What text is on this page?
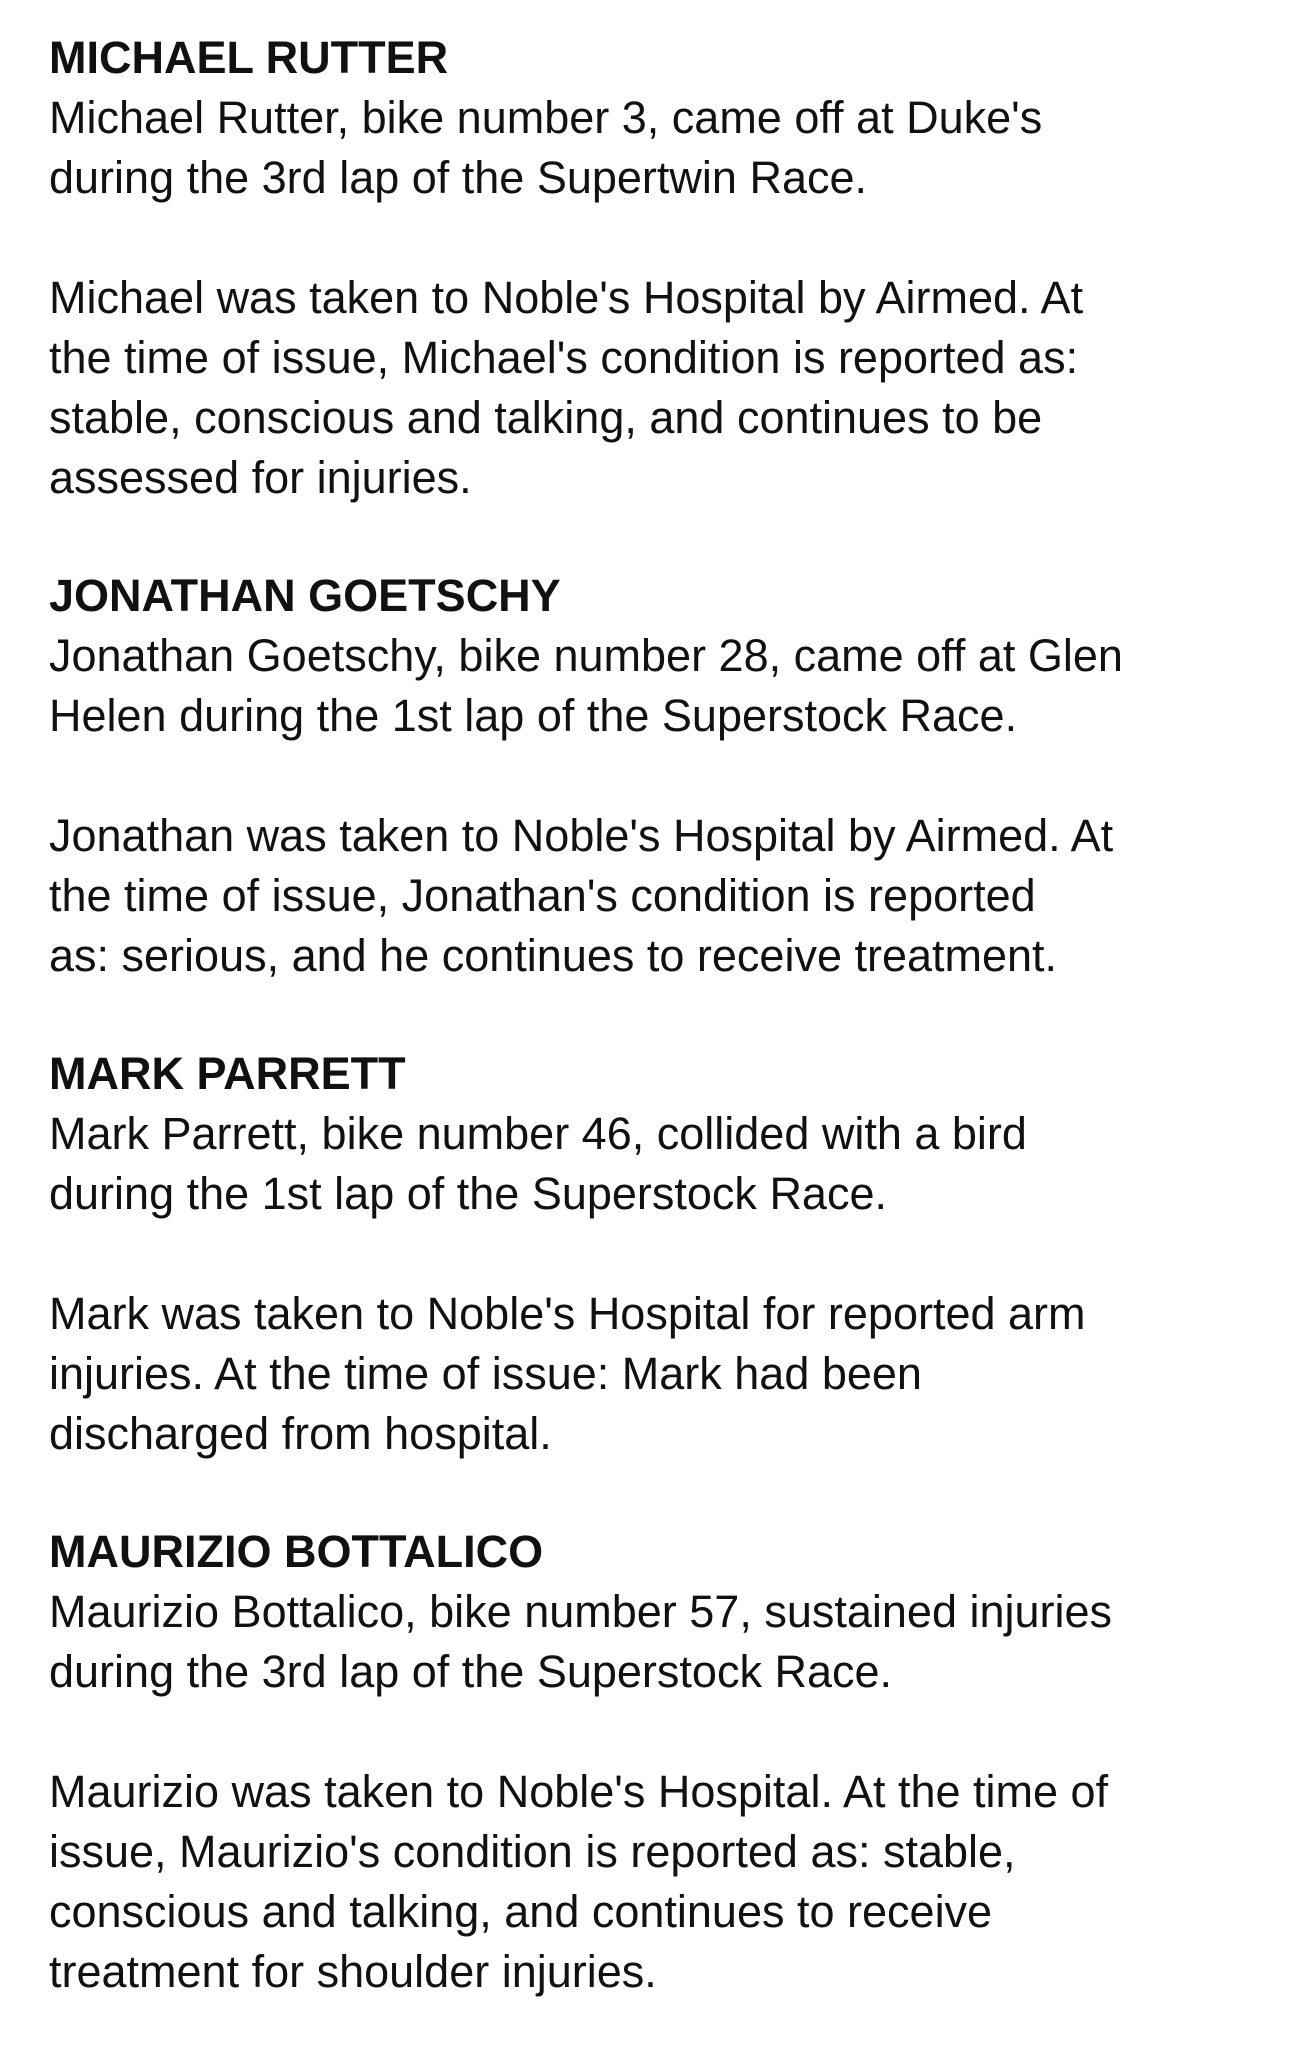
MICHAEL RUTTER

Michael Rutter, bike number 3, came off at Duke's
during the 3rd lap of the Supertwin Race.

Michael was taken to Noble's Hospital by Airmed. At
the time of issue, Michael's condition is reported as:
stable, conscious and talking, and continues to be
assessed for injuries.

JONATHAN GOETSCHY

Jonathan Goetschy, bike number 28, came off at Glen
Helen during the 1st lap of the Superstock Race.

Jonathan was taken to Noble's Hospital by Airmed. At
the time of issue, Jonathan's condition is reported
as: serious, and he continues to receive treatment.

MARK PARRETT

Mark Parrett, bike number 46, collided with a bird
during the 1st lap of the Superstock Race.

Mark was taken to Noble's Hospital for reported arm
injuries. At the time of issue: Mark had been
discharged from hospital.

MAURIZIO BOTTALICO

Maurizio Bottalico, bike number 57, sustained injuries
during the 3rd lap of the Superstock Race.

Maurizio was taken to Noble's Hospital. At the time of
issue, Maurizio's condition is reported as: stable,
conscious and talking, and continues to receive
treatment for shoulder injuries.
